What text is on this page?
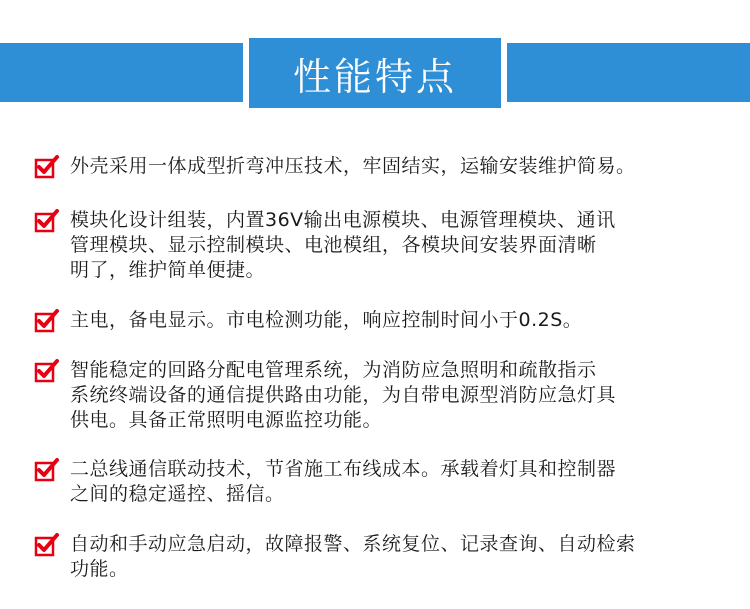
性能特点
外壳采用一体成型折弯冲压技术，牢固结实，运输安装维护简易。
模块化设计组装，内置36V输出电源模块、电源管理模块、通讯
管理模块、显示控制模块、电池模组，各模块间安装界面清晰
明了，维护简单便捷。
主电，备电显示。市电检测功能，响应控制时间小于0.2S。
智能稳定的回路分配电管理系统，为消防应急照明和疏散指示
系统终端设备的通信提供路由功能，为自带电源型消防应急灯具
供电。具备正常照明电源监控功能。
二总线通信联动技术，节省施工布线成本。承载着灯具和控制器
之间的稳定遥控、摇信。
自动和手动应急启动，故障报警、系统复位、记录查询、自动检索
功能。
